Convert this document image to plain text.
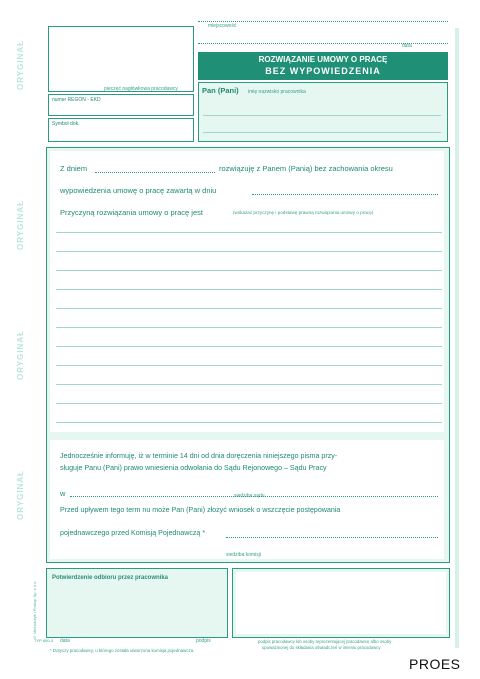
ORYGINAŁ
ORYGINAŁ
ORYGINAŁ
ORYGINAŁ
© Michalczyk i Prokop Sp. z o.o.
TYP 600-3
pieczęć nagłówkowa pracodawcy
numer REGON - EKD
Symbol dok.
miejscowość
data
ROZWIĄZANIE UMOWY O PRACĘ
BEZ WYPOWIEDZENIA
Pan (Pani) imię nazwisko pracownika
Z dniem	rozwiązuję z Panem (Panią) bez zachowania okresu
wypowiedzenia umowę o pracę zawartą w dniu
Przyczyną rozwiązania umowy o pracę jest	(wskazać przyczynę i podstawę prawną rozwiązania umowy o pracę)
Jednocześnie informuję, iż w terminie 14 dni od dnia doręczenia niniejszego pisma przy-
sługuje Panu (Pani) prawo wniesienia odwołania do Sądu Rejonowego – Sądu Pracy
w	siedziba sądu
Przed upływem tego term nu może Pan (Pani) złożyć wniosek o wszczęcie postępowania
pojednawczego przed Komisją Pojednawczą *
siedziba komisji
Potwierdzenie odbioru przez pracownika
data	podpis
* Dotyczy pracodawcy, u którego została utworzona komisja pojednawcza.
podpis pracodawcy lub osoby reprezentującej pracodawcę albo osoby
upoważnionej do składania oświadczeń w imieniu pracodawcy
PROES
